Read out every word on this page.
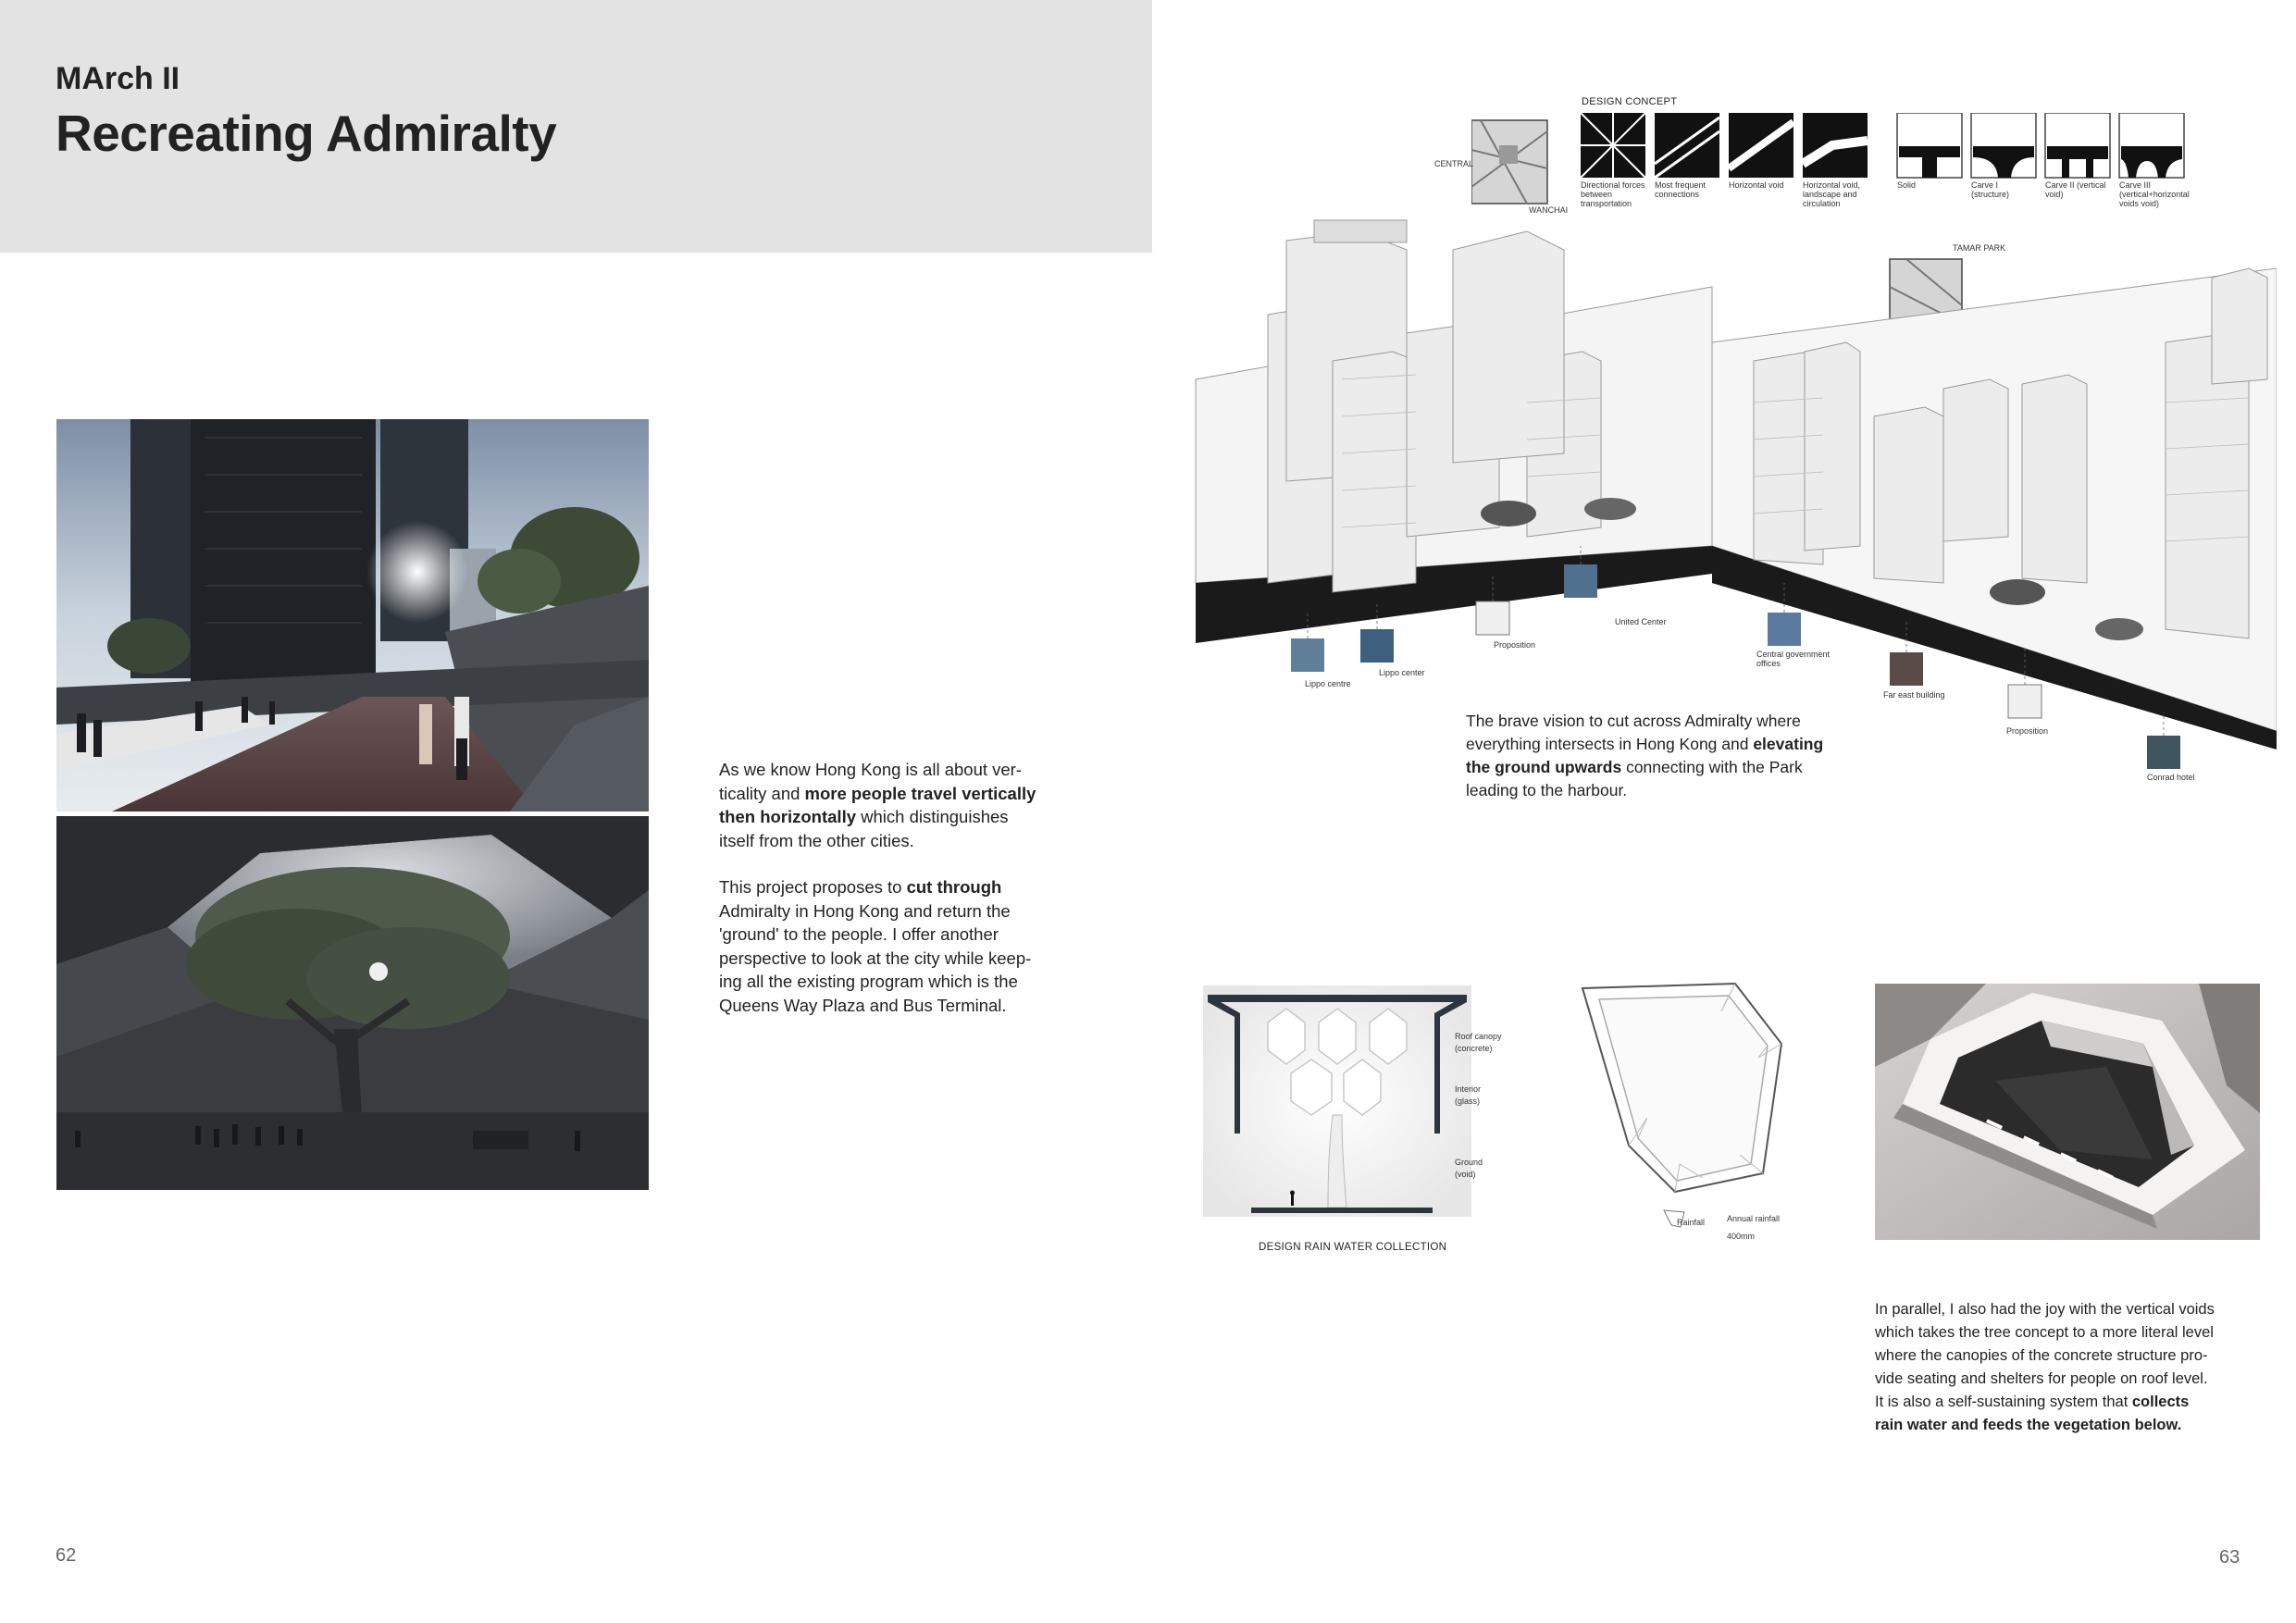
MArch II
Recreating Admiralty

As we know Hong Kong is all about ver-
ticality and more people travel vertically
then horizontally which distinguishes
itself from the other cities.

This project proposes to cut through
Admiralty in Hong Kong and return the
'ground' to the people. I offer another
perspective to look at the city while keep-
ing all the existing program which is the
Queens Way Plaza and Bus Terminal.

62
DESIGN CONCEPT
Directional forces between transportation
Most frequent connections
Horizontal void	Horizontal void, landscape and circulation
Solid	Carve I (structure)
Carve II (vertical void)
Carve III (vertical+horizontal voids void)
CENTRAL
WANCHAI
TAMAR PARK
Lippo centre
Lippo center
Proposition
United Center
Central government offices
Far east building
Proposition
Conrad hotel
The brave vision to cut across Admiralty where
everything intersects in Hong Kong and elevating
the ground upwards connecting with the Park
leading to the harbour.
Roof canopy
(concrete)
Interior
(glass)
Ground
(void)
DESIGN RAIN WATER COLLECTION
Rainfall	Annual rainfall
400mm
In parallel, I also had the joy with the vertical voids
which takes the tree concept to a more literal level
where the canopies of the concrete structure pro-
vide seating and shelters for people on roof level.
It is also a self-sustaining system that collects
rain water and feeds the vegetation below.
63
